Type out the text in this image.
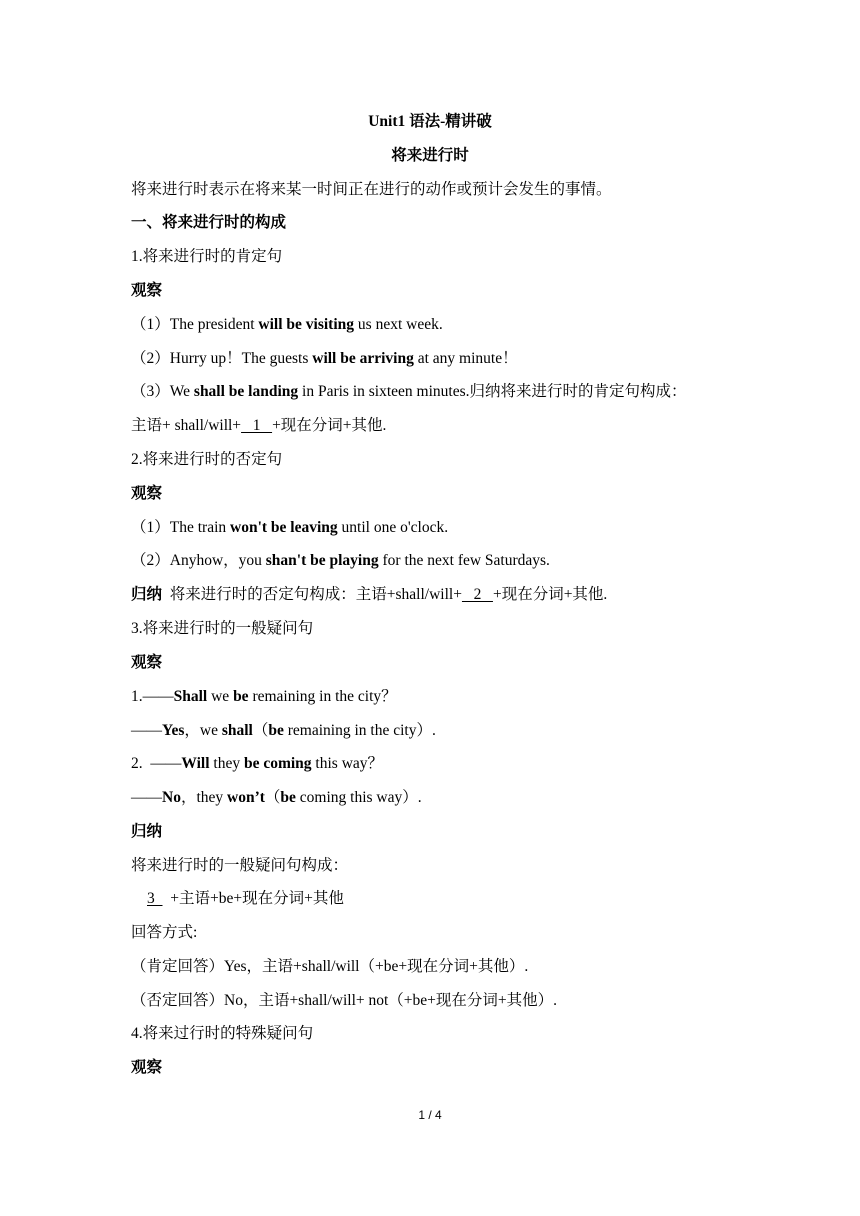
Unit1 语法-精讲破
将来进行时
将来进行时表示在将来某一时间正在进行的动作或预计会发生的事情。
一、将来进行时的构成
1.将来进行时的肯定句
观察
（1）The president will be visiting us next week.
（2）Hurry up！The guests will be arriving at any minute！
（3）We shall be landing in Paris in sixteen minutes.归纳将来进行时的肯定句构成：
主语+ shall/will+   1   +现在分词+其他.
2.将来进行时的否定句
观察
（1）The train won't be leaving until one o'clock.
（2）Anyhow，you shan't be playing for the next few Saturdays.
归纳  将来进行时的否定句构成：主语+shall/will+   2   +现在分词+其他.
3.将来进行时的一般疑问句
观察
1.——Shall we be remaining in the city？
——Yes，we shall（be remaining in the city）.
2.  ——Will they be coming this way？
——No，they won’t（be coming this way）.
归纳
将来进行时的一般疑问句构成：
3    +主语+be+现在分词+其他
回答方式:
（肯定回答）Yes，主语+shall/will（+be+现在分词+其他）.
（否定回答）No，主语+shall/will+ not（+be+现在分词+其他）.
4.将来过行时的特殊疑问句
观察
1 / 4
